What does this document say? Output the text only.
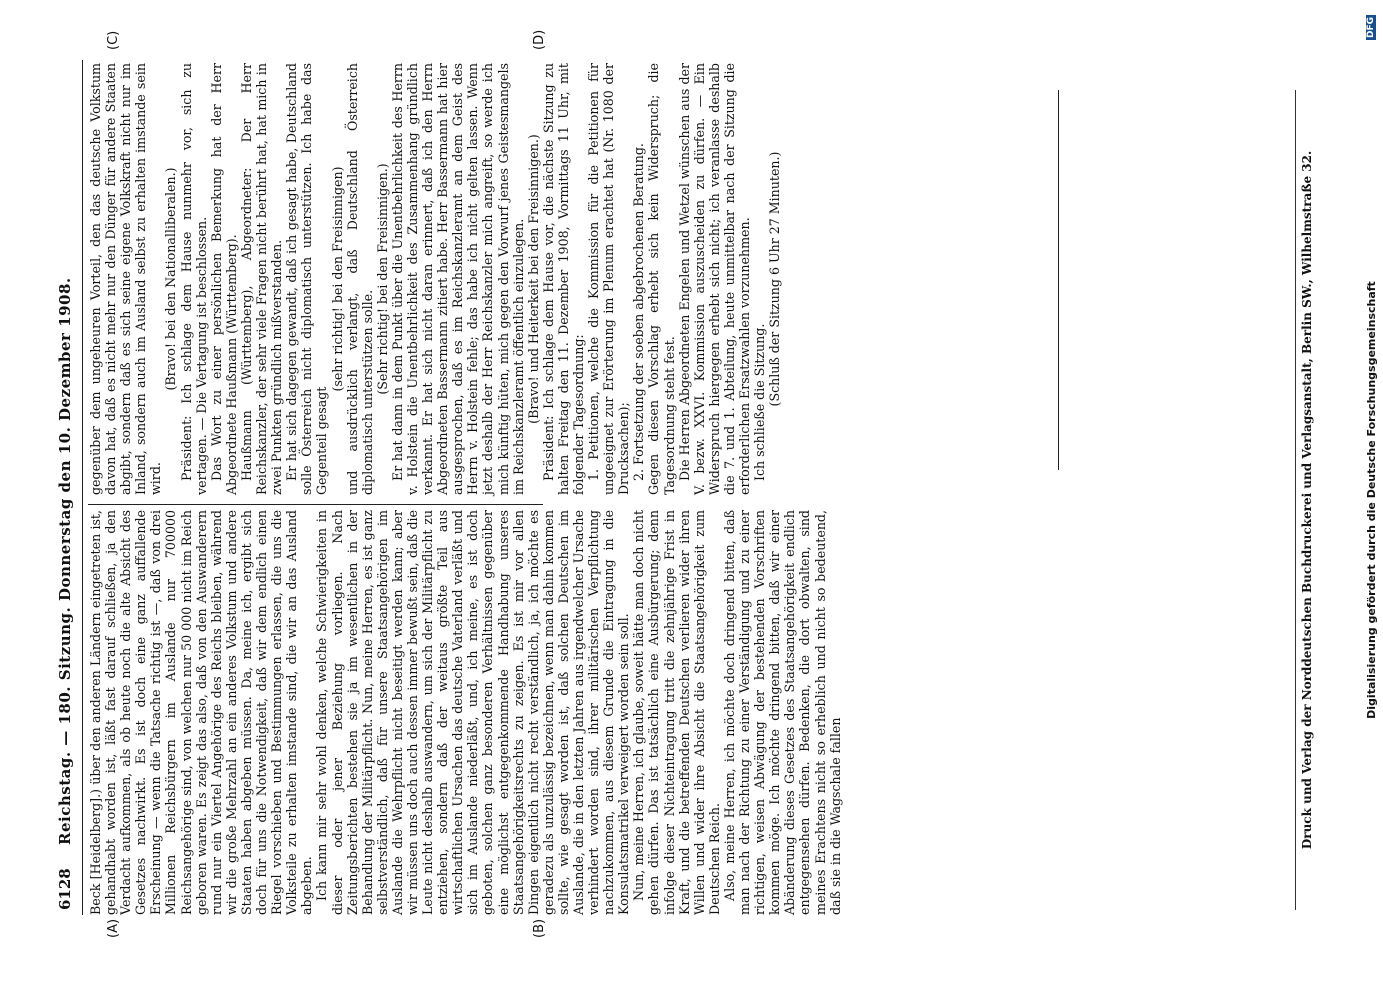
6128
Reichstag. — 180. Sitzung. Donnerstag den 10. Dezember 1908.
(A)	(B)
(C)	(D)

Beck [Heidelberg].) über den anderen Ländern eingetreten ist, gehandhabt worden ist, läßt fast darauf schließen, ja den Verdacht aufkommen, als ob heute noch die alte Absicht des Gesetzes nachwirkt. Es ist doch eine ganz auffallende Erscheinung — wenn die Tatsache richtig ist —, daß von drei Millionen Reichsbürgern im Auslande nur 700000 Reichsangehörige sind, von welchen nur 50 000 nicht im Reich geboren waren. Es zeigt das also, daß von den Auswanderern rund nur ein Viertel Angehörige des Reichs bleiben, während wir die große Mehrzahl an ein anderes Volkstum und andere Staaten haben abgeben müssen. Da, meine ich, ergibt sich doch für uns die Notwendigkeit, daß wir dem endlich einen Riegel vorschieben und Bestimmungen erlassen, die uns die Volksteile zu erhalten imstande sind, die wir an das Ausland abgeben. Ich kann mir sehr wohl denken, welche Schwierigkeiten in dieser oder jener Beziehung vorliegen. Nach Zeitungsberichten bestehen sie ja im wesentlichen in der Behandlung der Militärpflicht. Nun, meine Herren, es ist ganz selbstverständlich, daß für unsere Staatsangehörigen im Auslande die Wehrpflicht nicht beseitigt werden kann; aber wir müssen uns doch auch dessen immer bewußt sein, daß die Leute nicht deshalb auswandern, um sich der Militärpflicht zu entziehen, sondern daß der weitaus größte Teil aus wirtschaftlichen Ursachen das deutsche Vaterland verläßt und sich im Auslande niederläßt, und, ich meine, es ist doch geboten, solchen ganz besonderen Verhältnissen gegenüber eine möglichst entgegenkommende Handhabung unseres Staatsangehörigkeitsrechts zu zeigen. Es ist mir vor allen Dingen eigentlich nicht recht verständlich, ja, ich möchte es geradezu als unzulässig bezeichnen, wenn man dahin kommen sollte, wie gesagt worden ist, daß solchen Deutschen im Auslande, die in den letzten Jahren aus irgendwelcher Ursache verhindert worden sind, ihrer militärischen Verpflichtung nachzukommen, aus diesem Grunde die Eintragung in die Konsulatsmatrikel verweigert worden sein soll. Nun, meine Herren, ich glaube, soweit hätte man doch nicht gehen dürfen. Das ist tatsächlich eine Ausbürgerung; denn infolge dieser Nichteintragung tritt die zehnjährige Frist in Kraft, und die betreffenden Deutschen verlieren wider ihren Willen und wider ihre Absicht die Staatsangehörigkeit zum Deutschen Reich. Also, meine Herren, ich möchte doch dringend bitten, daß man nach der Richtung zu einer Verständigung und zu einer richtigen, weisen Abwägung der bestehenden Vorschriften kommen möge. Ich möchte dringend bitten, daß wir einer Abänderung dieses Gesetzes des Staatsangehörigkeit endlich entgegensehen dürfen. Bedenken, die dort obwalten, sind meines Erachtens nicht so erheblich und nicht so bedeutend, daß sie in die Wagschale fallen

gegenüber dem ungeheuren Vorteil, den das deutsche Volkstum davon hat, daß es nicht mehr nur den Dünger für andere Staaten abgibt, sondern daß es sich seine eigene Volkskraft nicht nur im Inland, sondern auch im Ausland selbst zu erhalten imstande sein wird.

(Bravo! bei den Nationalliberalen.) Präsident: Ich schlage dem Hause nunmehr vor, sich zu vertagen. — Die Vertagung ist beschlossen. Das Wort zu einer persönlichen Bemerkung hat der Herr Abgeordnete Haußmann (Württemberg). Haußmann (Württemberg), Abgeordneter: Der Herr Reichskanzler, der sehr viele Fragen nicht berührt hat, hat mich in zwei Punkten gründlich mißverstanden. Er hat sich dagegen gewandt, daß ich gesagt habe, Deutschland solle Österreich nicht diplomatisch unterstützen. Ich habe das Gegenteil gesagt

(sehr richtig! bei den Freisinnigen) und ausdrücklich verlangt, daß Deutschland Österreich diplomatisch unterstützen solle. (Sehr richtig! bei den Freisinnigen.) Er hat dann in dem Punkt über die Unentbehrlichkeit des Herrn v. Holstein die Unentbehrlichkeit des Zusammenhang gründlich verkannt. Er hat sich nicht daran erinnert, daß ich den Herrn Abgeordneten Bassermann zitiert habe. Herr Bassermann hat hier ausgesprochen, daß es im Reichskanzleramt an dem Geist des Herrn v. Holstein fehle; das habe ich nicht gelten lassen. Wenn jetzt deshalb der Herr Reichskanzler mich angreift, so werde ich mich künftig hüten, mich gegen den Vorwurf jenes Geistesmangels im Reichskanzleramt öffentlich einzulegen. (Bravo! und Heiterkeit bei den Freisinnigen.) Präsident: Ich schlage dem Hause vor, die nächste Sitzung zu halten Freitag den 11. Dezember 1908, Vormittags 11 Uhr, mit folgender Tagesordnung: 1. Petitionen, welche die Kommission für die Petitionen für ungeeignet zur Erörterung im Plenum erachtet hat (Nr. 1080 der Drucksachen); 2. Fortsetzung der soeben abgebrochenen Beratung. Gegen diesen Vorschlag erhebt sich kein Widerspruch; die Tagesordnung steht fest. Die Herren Abgeordneten Engelen und Wetzel wünschen aus der V. bezw. XXVI. Kommission auszuscheiden zu dürfen. — Ein Widerspruch hiergegen erhebt sich nicht; ich veranlasse deshalb die 7. und 1. Abteilung, heute unmittelbar nach der Sitzung die erforderlichen Ersatzwahlen vorzunehmen. Ich schließe die Sitzung. (Schluß der Sitzung 6 Uhr 27 Minuten.)	Druck und Verlag der Norddeutschen Buchdruckerei und Verlagsanstalt, Berlin SW., Wilhelmstraße 32.	Digitalisierung gefördert durch die Deutsche Forschungsgemeinschaft
DFG
